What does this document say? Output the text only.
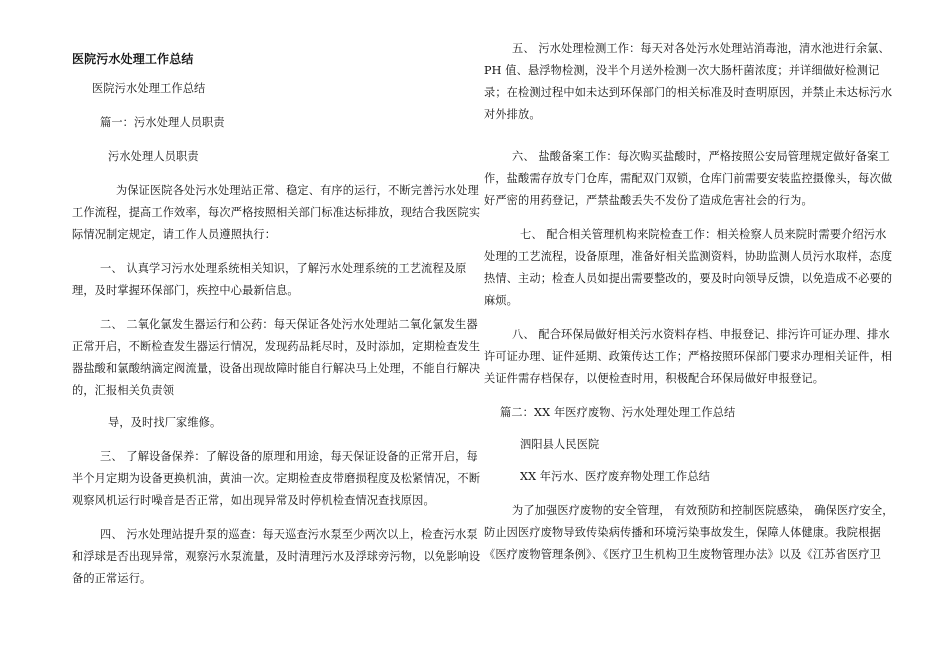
医院污水处理工作总结
医院污水处理工作总结
篇一：污水处理人员职责
污水处理人员职责
为保证医院各处污水处理站正常、稳定、有序的运行，不断完善污水处理
工作流程，提高工作效率，每次严格按照相关部门标准达标排放，现结合我医院实
际情况制定规定，请工作人员遵照执行：
一、 认真学习污水处理系统相关知识，了解污水处理系统的工艺流程及原
理，及时掌握环保部门，疾控中心最新信息。
二、 二氧化氯发生器运行和公药：每天保证各处污水处理站二氧化氯发生器
正常开启，不断检查发生器运行情况，发现药品耗尽时，及时添加，定期检查发生
器盐酸和氯酸纳滴定阀流量，设备出现故障时能自行解决马上处理，不能自行解决
的，汇报相关负责领
导，及时找厂家维修。
三、 了解设备保养：了解设备的原理和用途，每天保证设备的正常开启，每
半个月定期为设备更换机油，黄油一次。定期检查皮带磨损程度及松紧情况，不断
观察风机运行时噪音是否正常，如出现异常及时停机检查情况查找原因。
四、 污水处理站提升泵的巡查：每天巡查污水泵至少两次以上，检查污水泵
和浮球是否出现异常，观察污水泵流量，及时清理污水及浮球旁污物，以免影响设
备的正常运行。
五、 污水处理检测工作：每天对各处污水处理站消毒池，清水池进行余氯、
PH 值、悬浮物检测，没半个月送外检测一次大肠杆菌浓度；并详细做好检测记
录；在检测过程中如未达到环保部门的相关标准及时查明原因，并禁止未达标污水
对外排放。
六、 盐酸备案工作：每次购买盐酸时，严格按照公安局管理规定做好备案工
作，盐酸需存放专门仓库，需配双门双锁，仓库门前需要安装监控摄像头，每次做
好严密的用药登记，严禁盐酸丢失不发份了造成危害社会的行为。
七、 配合相关管理机构来院检查工作：相关检察人员来院时需要介绍污水
处理的工艺流程，设备原理，准备好相关监测资料，协助监测人员污水取样，态度
热情、主动；检查人员如提出需要整改的，要及时向领导反馈，以免造成不必要的
麻烦。
八、 配合环保局做好相关污水资料存档、申报登记、排污许可证办理、排水
许可证办理、证件延期、政策传达工作；严格按照环保部门要求办理相关证件，相
关证件需存档保存，以便检查时用，积极配合环保局做好申报登记。
篇二：XX 年医疗废物、污水处理处理工作总结
泗阳县人民医院
XX 年污水、医疗废弃物处理工作总结
为了加强医疗废物的安全管理， 有效预防和控制医院感染， 确保医疗安全，
防止因医疗废物导致传染病传播和环境污染事故发生，保障人体健康。我院根据
《医疗废物管理条例》、《医疗卫生机构卫生废物管理办法》以及《江苏省医疗卫
